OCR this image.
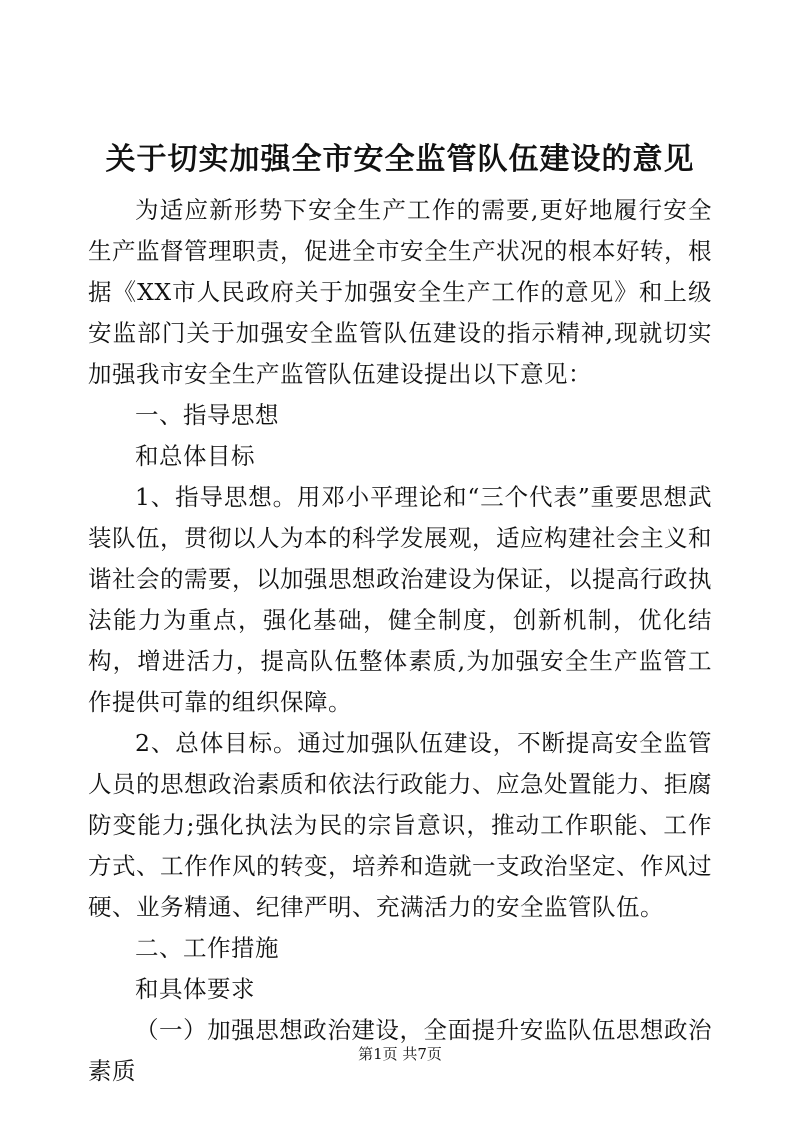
关于切实加强全市安全监管队伍建设的意见

为适应新形势下安全生产工作的需要,更好地履行安全生产监督管理职责，促进全市安全生产状况的根本好转，根据《XX市人民政府关于加强安全生产工作的意见》和上级安监部门关于加强安全监管队伍建设的指示精神,现就切实加强我市安全生产监管队伍建设提出以下意见：

一、指导思想

和总体目标

1、指导思想。用邓小平理论和“三个代表”重要思想武装队伍，贯彻以人为本的科学发展观，适应构建社会主义和谐社会的需要，以加强思想政治建设为保证，以提高行政执法能力为重点，强化基础，健全制度，创新机制，优化结构，增进活力，提高队伍整体素质,为加强安全生产监管工作提供可靠的组织保障。

2、总体目标。通过加强队伍建设，不断提高安全监管人员的思想政治素质和依法行政能力、应急处置能力、拒腐防变能力;强化执法为民的宗旨意识，推动工作职能、工作方式、工作作风的转变，培养和造就一支政治坚定、作风过硬、业务精通、纪律严明、充满活力的安全监管队伍。

二、工作措施

和具体要求

（一）加强思想政治建设，全面提升安监队伍思想政治素质

第1页 共7页
